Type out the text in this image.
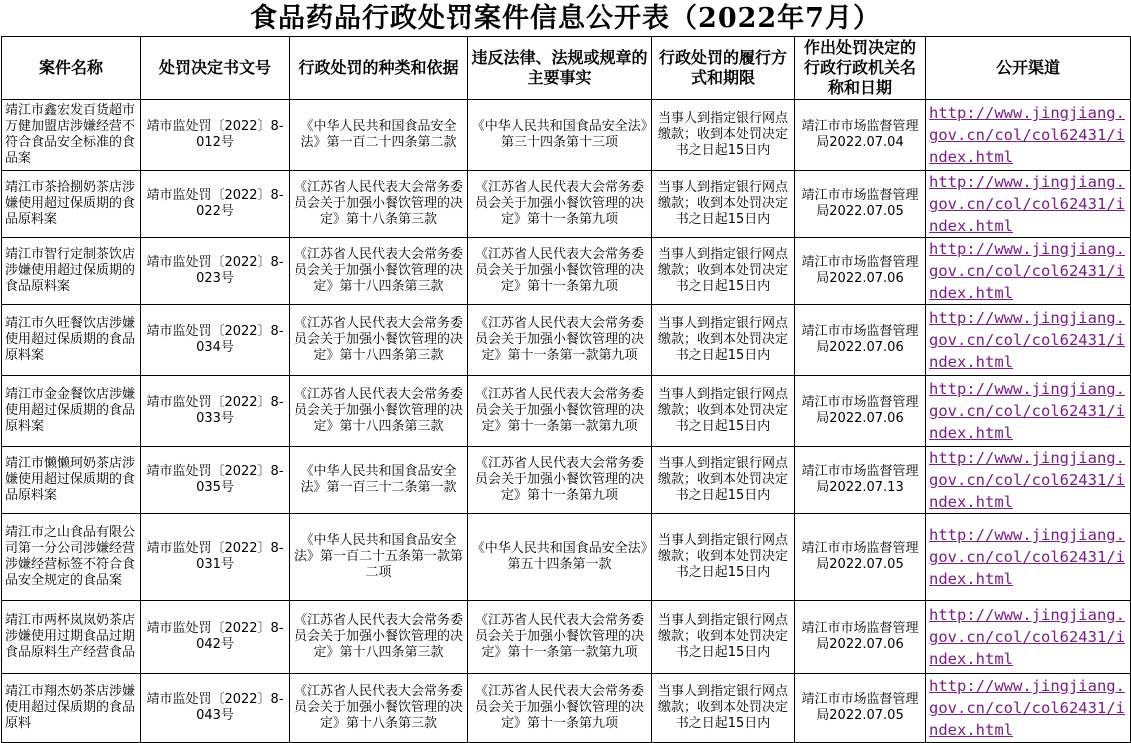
食品药品行政处罚案件信息公开表（2022年7月）
案件名称	处罚决定书文号	行政处罚的种类和依据	违反法律、法规或规章的主要事实	行政处罚的履行方式和期限	作出处罚决定的行政行政机关名称和日期	公开渠道
靖江市鑫宏发百货超市万健加盟店涉嫌经营不符合食品安全标准的食品案	靖市监处罚〔2022〕8-012号	《中华人民共和国食品安全法》第一百二十四条第二款	《中华人民共和国食品安全法》第三十四条第十三项	当事人到指定银行网点缴款；收到本处罚决定书之日起15日内	靖江市市场监督管理局2022.07.04	http://www.jingjiang.gov.cn/col/col62431/index.html
靖江市茶拾捌奶茶店涉嫌使用超过保质期的食品原料案	靖市监处罚〔2022〕8-022号	《江苏省人民代表大会常务委员会关于加强小餐饮管理的决定》第十八条第三款	《江苏省人民代表大会常务委员会关于加强小餐饮管理的决定》第十一条第九项	当事人到指定银行网点缴款；收到本处罚决定书之日起15日内	靖江市市场监督管理局2022.07.05	http://www.jingjiang.gov.cn/col/col62431/index.html
靖江市智行定制茶饮店涉嫌使用超过保质期的食品原料案	靖市监处罚〔2022〕8-023号	《江苏省人民代表大会常务委员会关于加强小餐饮管理的决定》第十八四条第三款	《江苏省人民代表大会常务委员会关于加强小餐饮管理的决定》第十一条第九项	当事人到指定银行网点缴款；收到本处罚决定书之日起15日内	靖江市市场监督管理局2022.07.06	http://www.jingjiang.gov.cn/col/col62431/index.html
靖江市久旺餐饮店涉嫌使用超过保质期的食品原料案	靖市监处罚〔2022〕8-034号	《江苏省人民代表大会常务委员会关于加强小餐饮管理的决定》第十八四条第三款	《江苏省人民代表大会常务委员会关于加强小餐饮管理的决定》第十一条第一款第九项	当事人到指定银行网点缴款；收到本处罚决定书之日起15日内	靖江市市场监督管理局2022.07.06	http://www.jingjiang.gov.cn/col/col62431/index.html
靖江市金金餐饮店涉嫌使用超过保质期的食品原料案	靖市监处罚〔2022〕8-033号	《江苏省人民代表大会常务委员会关于加强小餐饮管理的决定》第十八四条第三款	《江苏省人民代表大会常务委员会关于加强小餐饮管理的决定》第十一条第一款第九项	当事人到指定银行网点缴款；收到本处罚决定书之日起15日内	靖江市市场监督管理局2022.07.06	http://www.jingjiang.gov.cn/col/col62431/index.html
靖江市懒懒珂奶茶店涉嫌使用超过保质期的食品原料案	靖市监处罚〔2022〕8-035号	《中华人民共和国食品安全法》第一百三十二条第一款	《江苏省人民代表大会常务委员会关于加强小餐饮管理的决定》第十一条第九项	当事人到指定银行网点缴款；收到本处罚决定书之日起15日内	靖江市市场监督管理局2022.07.13	http://www.jingjiang.gov.cn/col/col62431/index.html
靖江市之山食品有限公司第一分公司涉嫌经营涉嫌经营标签不符合食品安全规定的食品案	靖市监处罚〔2022〕8-031号	《中华人民共和国食品安全法》第一百二十五条第一款第二项	《中华人民共和国食品安全法》第五十四条第一款	当事人到指定银行网点缴款；收到本处罚决定书之日起15日内	靖江市市场监督管理局2022.07.05	http://www.jingjiang.gov.cn/col/col62431/index.html
靖江市两杯岚岚奶茶店涉嫌使用过期食品过期食品原料生产经营食品	靖市监处罚〔2022〕8-042号	《江苏省人民代表大会常务委员会关于加强小餐饮管理的决定》第十八四条第三款	《江苏省人民代表大会常务委员会关于加强小餐饮管理的决定》第十一条第一款第九项	当事人到指定银行网点缴款；收到本处罚决定书之日起15日内	靖江市市场监督管理局2022.07.06	http://www.jingjiang.gov.cn/col/col62431/index.html
靖江市翔杰奶茶店涉嫌使用超过保质期的食品原料	靖市监处罚〔2022〕8-043号	《江苏省人民代表大会常务委员会关于加强小餐饮管理的决定》第十八条第三款	《江苏省人民代表大会常务委员会关于加强小餐饮管理的决定》第十一条第九项	当事人到指定银行网点缴款；收到本处罚决定书之日起15日内	靖江市市场监督管理局2022.07.05	http://www.jingjiang.gov.cn/col/col62431/index.html
